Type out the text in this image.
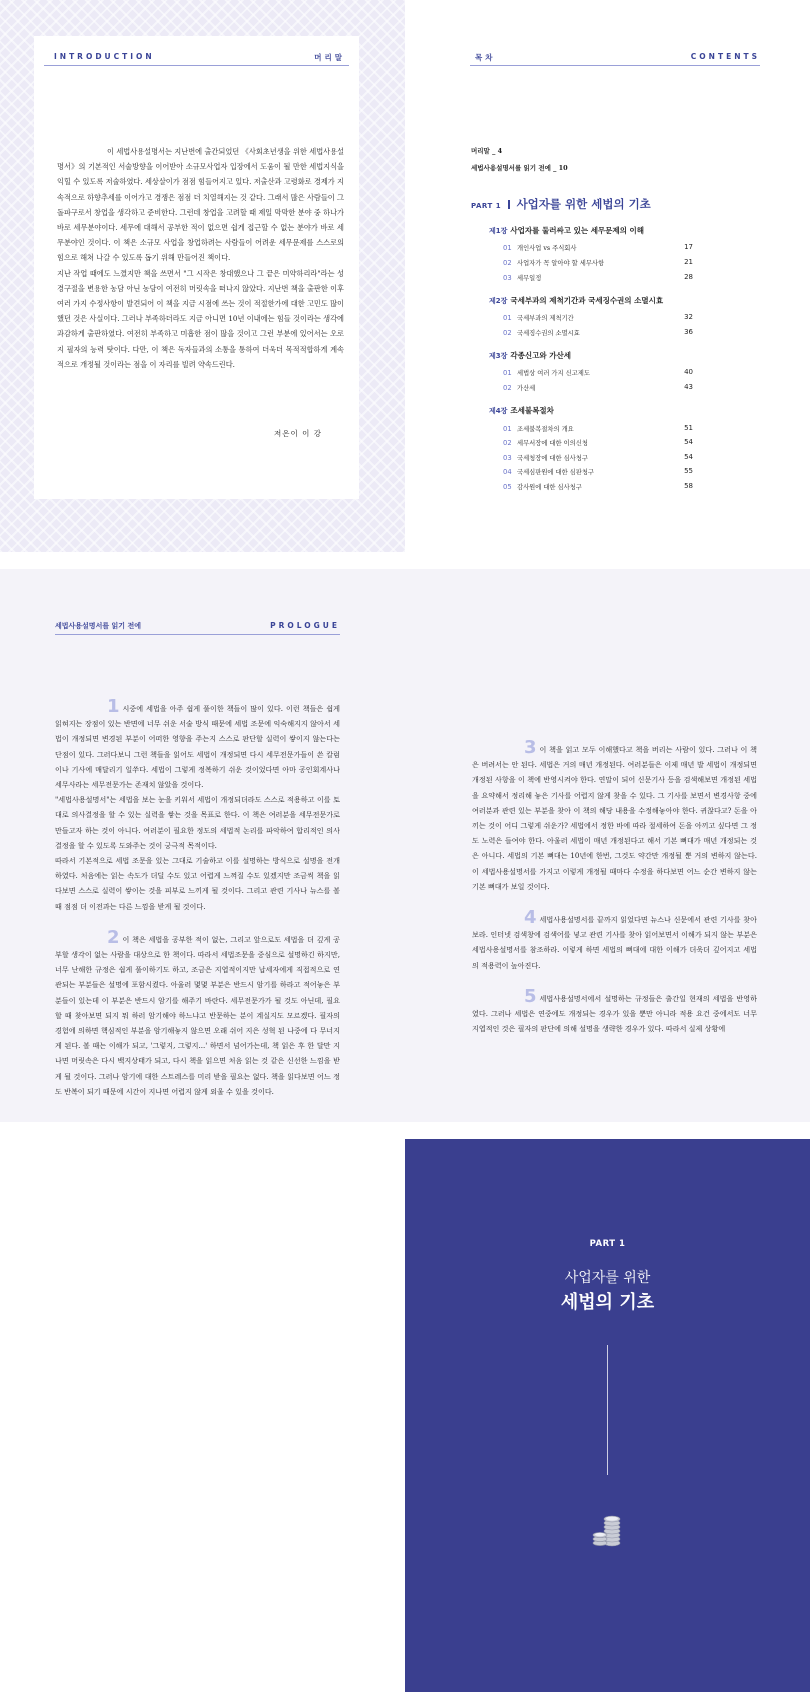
INTRODUCTION	머리말

이 세법사용설명서는 지난번에 출간되었던 《사회초년생을 위한 세법사용설명서》의 기본적인 서술방향을 이어받아 소규모사업자 입장에서 도움이 될 만한 세법지식을 익힐 수 있도록 저술하였다. 세상살이가 점점 힘들어지고 있다. 저출산과 고령화로 경제가 지속적으로 하향추세를 이어가고 경쟁은 점점 더 치열해지는 것 같다. 그래서 많은 사람들이 그 돌파구로서 창업을 생각하고 준비한다. 그런데 창업을 고려할 때 제일 막막한 분야 중 하나가 바로 세무분야이다. 세무에 대해서 공부한 적이 없으면 쉽게 접근할 수 없는 분야가 바로 세무분야인 것이다. 이 책은 소규모 사업을 창업하려는 사람들이 어려운 세무문제를 스스로의 힘으로 해쳐 나갈 수 있도록 돕기 위해 만들어진 책이다.

지난 작업 때에도 느꼈지만 책을 쓰면서 "그 시작은 창대했으나 그 끝은 미약하리라"라는 성경구절을 변용한 농담 아닌 농담이 여전히 머릿속을 떠나지 않았다. 지난번 책을 출판한 이후 여러 가지 수정사항이 발견되어 이 책을 지금 시점에 쓰는 것이 적절한가에 대한 고민도 많이 했던 것은 사실이다. 그러나 부족하더라도 지금 아니면 10년 이내에는 힘들 것이라는 생각에 과감하게 출판하였다. 여전히 부족하고 미흡한 점이 많을 것이고 그런 부분에 있어서는 오로지 필자의 능력 탓이다. 다만, 이 책은 독자들과의 소통을 통하여 더욱더 목적적합하게 계속적으로 개정될 것이라는 점을 이 자리를 빌려 약속드린다.

저온이 이 강
목차	CONTENTS
머리말 _ 4
세법사용설명서를 읽기 전에 _ 10
PART 1 사업자를 위한 세법의 기초
제1장 사업자를 둘러싸고 있는 세무문제의 이해
01 개인사업 vs 주식회사	17
02 사업자가 꼭 알아야 할 세무사항	21
03 세무일정	28
제2장 국세부과의 제척기간과 국세징수권의 소멸시효
01 국세부과의 제척기간	32
02 국세징수권의 소멸시효	36
제3장 각종신고와 가산세
01 세법상 여러 가지 신고제도	40
02 가산세	43
제4장 조세불복절차
01 조세불복절차의 개요	51
02 세무서장에 대한 이의신청	54
03 국세청장에 대한 심사청구	54
04 국세심판원에 대한 심판청구	55
05 감사원에 대한 심사청구	58
세법사용설명서를 읽기 전에	PROLOGUE

1 시중에 세법을 아주 쉽게 풀이한 책들이 많이 있다. 이런 책들은 쉽게 읽혀지는 장점이 있는 반면에 너무 쉬운 서술 방식 때문에 세법 조문에 익숙해지지 않아서 세법이 개정되면 변경된 부분이 어떠한 영향을 주는지 스스로 판단할 실력이 쌓이지 않는다는 단점이 있다. 그러다보니 그런 책들을 읽어도 세법이 개정되면 다시 세무전문가들이 쓴 칼럼이나 기사에 매달리기 일쑤다. 세법이 그렇게 정복하기 쉬운 것이었다면 아마 공인회계사나 세무사라는 세무전문가는 존재치 않았을 것이다.

"세법사용설명서"는 세법을 보는 눈을 키워서 세법이 개정되더라도 스스로 적용하고 이를 토대로 의사결정을 할 수 있는 실력을 쌓는 것을 목표로 한다. 이 책은 여러분을 세무전문가로 만들고자 하는 것이 아니다. 여러분이 필요한 정도의 세법적 논리를 파악하여 합리적인 의사결정을 할 수 있도록 도와주는 것이 궁극적 목적이다.

따라서 기본적으로 세법 조문을 있는 그대로 기술하고 이를 설명하는 방식으로 설명을 전개하였다. 처음에는 읽는 속도가 더딜 수도 있고 어렵게 느껴질 수도 있겠지만 조금씩 책을 읽다보면 스스로 실력이 쌓이는 것을 피부로 느끼게 될 것이다. 그리고 관련 기사나 뉴스를 볼 때 점점 더 이전과는 다른 느낌을 받게 될 것이다.

2 이 책은 세법을 공부한 적이 없는, 그리고 앞으로도 세법을 더 깊게 공부할 생각이 없는 사람을 대상으로 한 책이다. 따라서 세법조문을 중심으로 설명하긴 하지만, 너무 난해한 규정은 쉽게 풀이하기도 하고, 조금은 지엽적이지만 납세자에게 직접적으로 연관되는 부분들은 설명에 포함시켰다. 아울러 몇몇 부분은 반드시 암기를 하라고 적어놓은 부분들이 있는데 이 부분은 반드시 암기를 해주기 바란다. 세무전문가가 될 것도 아닌데, 필요할 때 찾아보면 되지 뭐 하러 암기해야 하느냐고 반문하는 분이 계실지도 모르겠다. 필자의 경험에 의하면 핵심적인 부분을 암기해놓지 않으면 오래 쉬어 지은 성혁 된 나중에 다 무너지게 된다. 볼 때는 이해가 되고, '그렇지, 그렇지...' 하면서 넘어가는데, 책 읽은 후 한 달만 지나면 머릿속은 다시 백지상태가 되고, 다시 책을 읽으면 처음 읽는 것 같은 신선한 느낌을 받게 될 것이다. 그러나 암기에 대한 스트레스를 미리 받을 필요는 없다. 책을 읽다보면 어느 정도 반복이 되기 때문에 시간이 지나면 어렵지 않게 외울 수 있을 것이다.

3 이 책을 읽고 모두 이해했다고 책을 버리는 사람이 있다. 그러나 이 책은 버려서는 안 된다. 세법은 거의 매년 개정된다. 여러분들은 이제 매년 발 세법이 개정되면 개정된 사항을 이 책에 반영시켜야 한다. 연말이 되어 신문기사 등을 검색해보면 개정된 세법을 요약해서 정리해 놓은 기사를 어렵지 않게 찾을 수 있다. 그 기사를 보면서 변경사항 중에 여러분과 관련 있는 부분을 찾아 이 책의 해당 내용을 수정해놓아야 한다. 귀찮다고? 돈을 아끼는 것이 어디 그렇게 쉬운가? 세법에서 정한 바에 따라 절세하여 돈을 아끼고 싶다면 그 정도 노력은 들여야 한다. 아울러 세법이 매년 개정된다고 해서 기본 뼈대가 매년 개정되는 것은 아니다. 세법의 기본 뼈대는 10년에 한번, 그것도 약간만 개정될 뿐 거의 변하지 않는다. 이 세법사용설명서를 가지고 이렇게 개정될 때마다 수정을 하다보면 어느 순간 변하지 않는 기본 뼈대가 보일 것이다.

4 세법사용설명서를 끝까지 읽었다면 뉴스나 신문에서 관련 기사를 찾아보라. 인터넷 검색창에 검색어를 넣고 관련 기사를 찾아 읽어보면서 이해가 되지 않는 부분은 세법사용설명서를 참조하라. 이렇게 하면 세법의 뼈대에 대한 이해가 더욱더 깊어지고 세법의 적용력이 높아진다.

5 세법사용설명서에서 설명하는 규정들은 출간일 현재의 세법을 반영하였다. 그러나 세법은 연중에도 개정되는 경우가 있을 뿐만 아니라 적용 요건 중에서도 너무 지엽적인 것은 필자의 판단에 의해 설명을 생략한 경우가 있다. 따라서 실제 상황에

PART 1
사업자를 위한
세법의 기초
